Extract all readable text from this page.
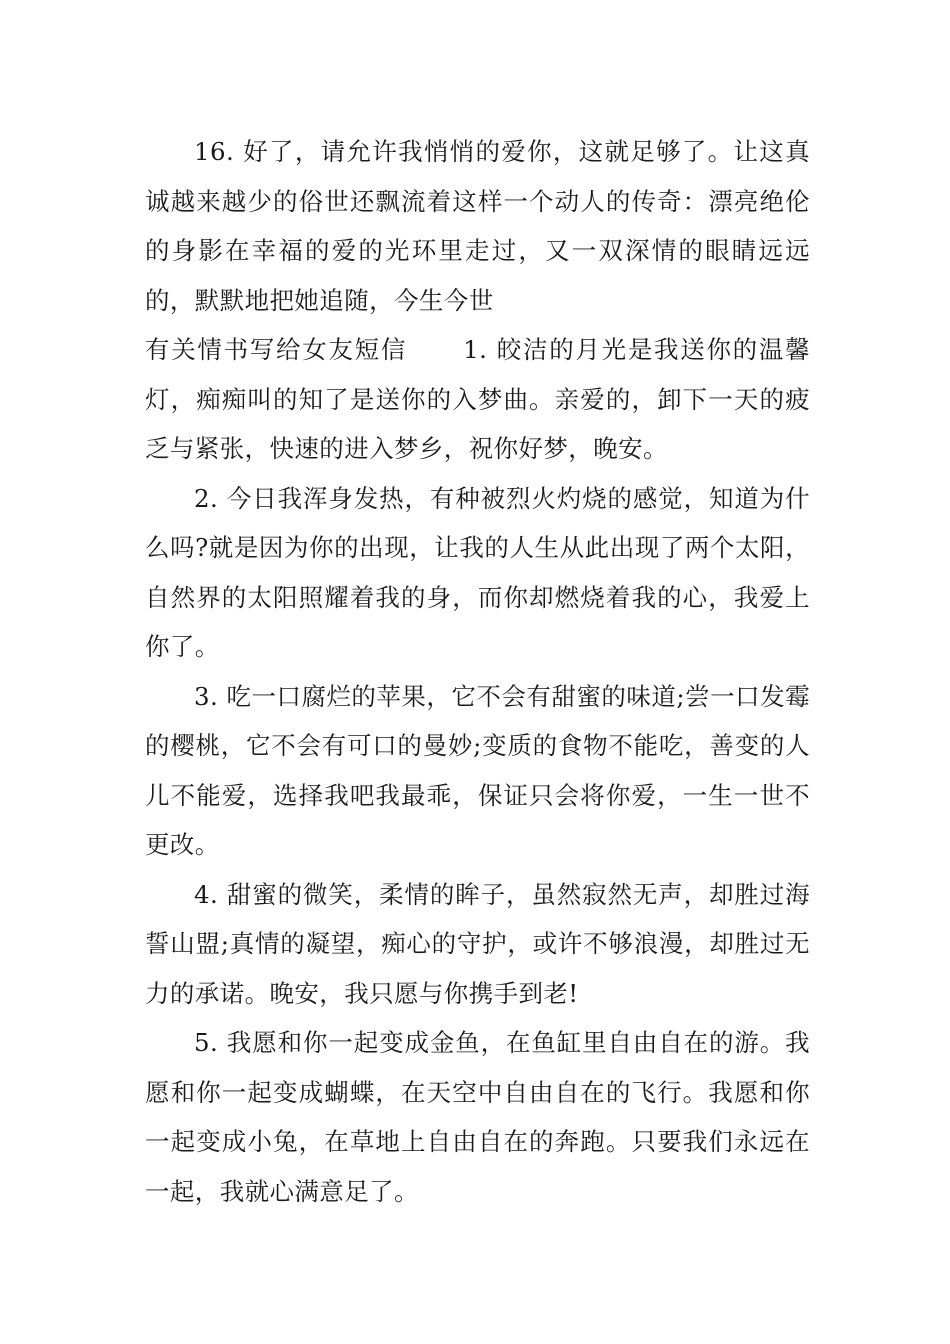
16. 好了，请允许我悄悄的爱你，这就足够了。让这真诚越来越少的俗世还飘流着这样一个动人的传奇：漂亮绝伦的身影在幸福的爱的光环里走过，又一双深情的眼睛远远的，默默地把她追随，今生今世

有关情书写给女友短信 1. 皎洁的月光是我送你的温馨灯，痴痴叫的知了是送你的入梦曲。亲爱的，卸下一天的疲乏与紧张，快速的进入梦乡，祝你好梦，晚安。

2. 今日我浑身发热，有种被烈火灼烧的感觉，知道为什么吗?就是因为你的出现，让我的人生从此出现了两个太阳，自然界的太阳照耀着我的身，而你却燃烧着我的心，我爱上你了。

3. 吃一口腐烂的苹果，它不会有甜蜜的味道;尝一口发霉的樱桃，它不会有可口的曼妙;变质的食物不能吃，善变的人儿不能爱，选择我吧我最乖，保证只会将你爱，一生一世不更改。

4. 甜蜜的微笑，柔情的眸子，虽然寂然无声，却胜过海誓山盟;真情的凝望，痴心的守护，或许不够浪漫，却胜过无力的承诺。晚安，我只愿与你携手到老!

5. 我愿和你一起变成金鱼，在鱼缸里自由自在的游。我愿和你一起变成蝴蝶，在天空中自由自在的飞行。我愿和你一起变成小兔，在草地上自由自在的奔跑。只要我们永远在一起，我就心满意足了。
